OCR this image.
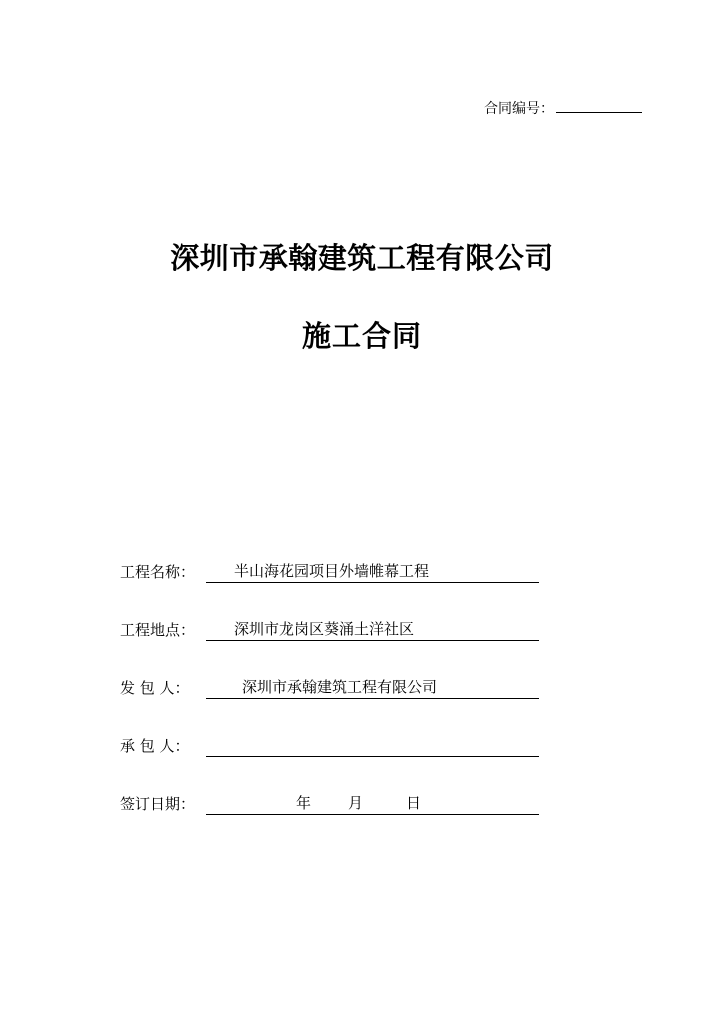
合同编号：
深圳市承翰建筑工程有限公司
施工合同
工程名称：	半山海花园项目外墙帷幕工程
工程地点：	深圳市龙岗区葵涌土洋社区
发 包 人：	深圳市承翰建筑工程有限公司
承 包 人：
签订日期：	年 月	日
